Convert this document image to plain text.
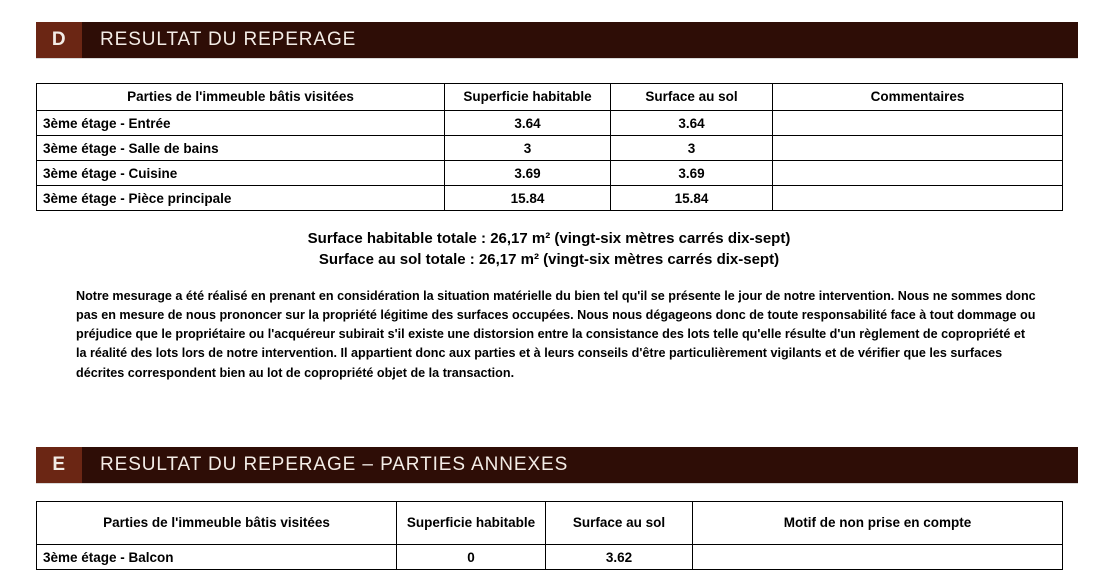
D	RESULTAT DU REPERAGE
Parties de l'immeuble bâtis visitées	Superficie habitable	Surface au sol	Commentaires
3ème étage - Entrée	3.64	3.64	
3ème étage - Salle de bains	3	3	
3ème étage - Cuisine	3.69	3.69	
3ème étage - Pièce principale	15.84	15.84	
Surface habitable totale : 26,17 m² (vingt-six mètres carrés dix-sept)
Surface au sol totale : 26,17 m² (vingt-six mètres carrés dix-sept)
Notre mesurage a été réalisé en prenant en considération la situation matérielle du bien tel qu'il se présente le jour de notre intervention. Nous ne sommes donc pas en mesure de nous prononcer sur la propriété légitime des surfaces occupées. Nous nous dégageons donc de toute responsabilité face à tout dommage ou préjudice que le propriétaire ou l'acquéreur subirait s'il existe une distorsion entre la consistance des lots telle qu'elle résulte d'un règlement de copropriété et la réalité des lots lors de notre intervention. Il appartient donc aux parties et à leurs conseils d'être particulièrement vigilants et de vérifier que les surfaces décrites correspondent bien au lot de copropriété objet de la transaction.
E	RESULTAT DU REPERAGE – PARTIES ANNEXES
Parties de l'immeuble bâtis visitées	Superficie habitable	Surface au sol	Motif de non prise en compte
3ème étage - Balcon	0	3.62	
